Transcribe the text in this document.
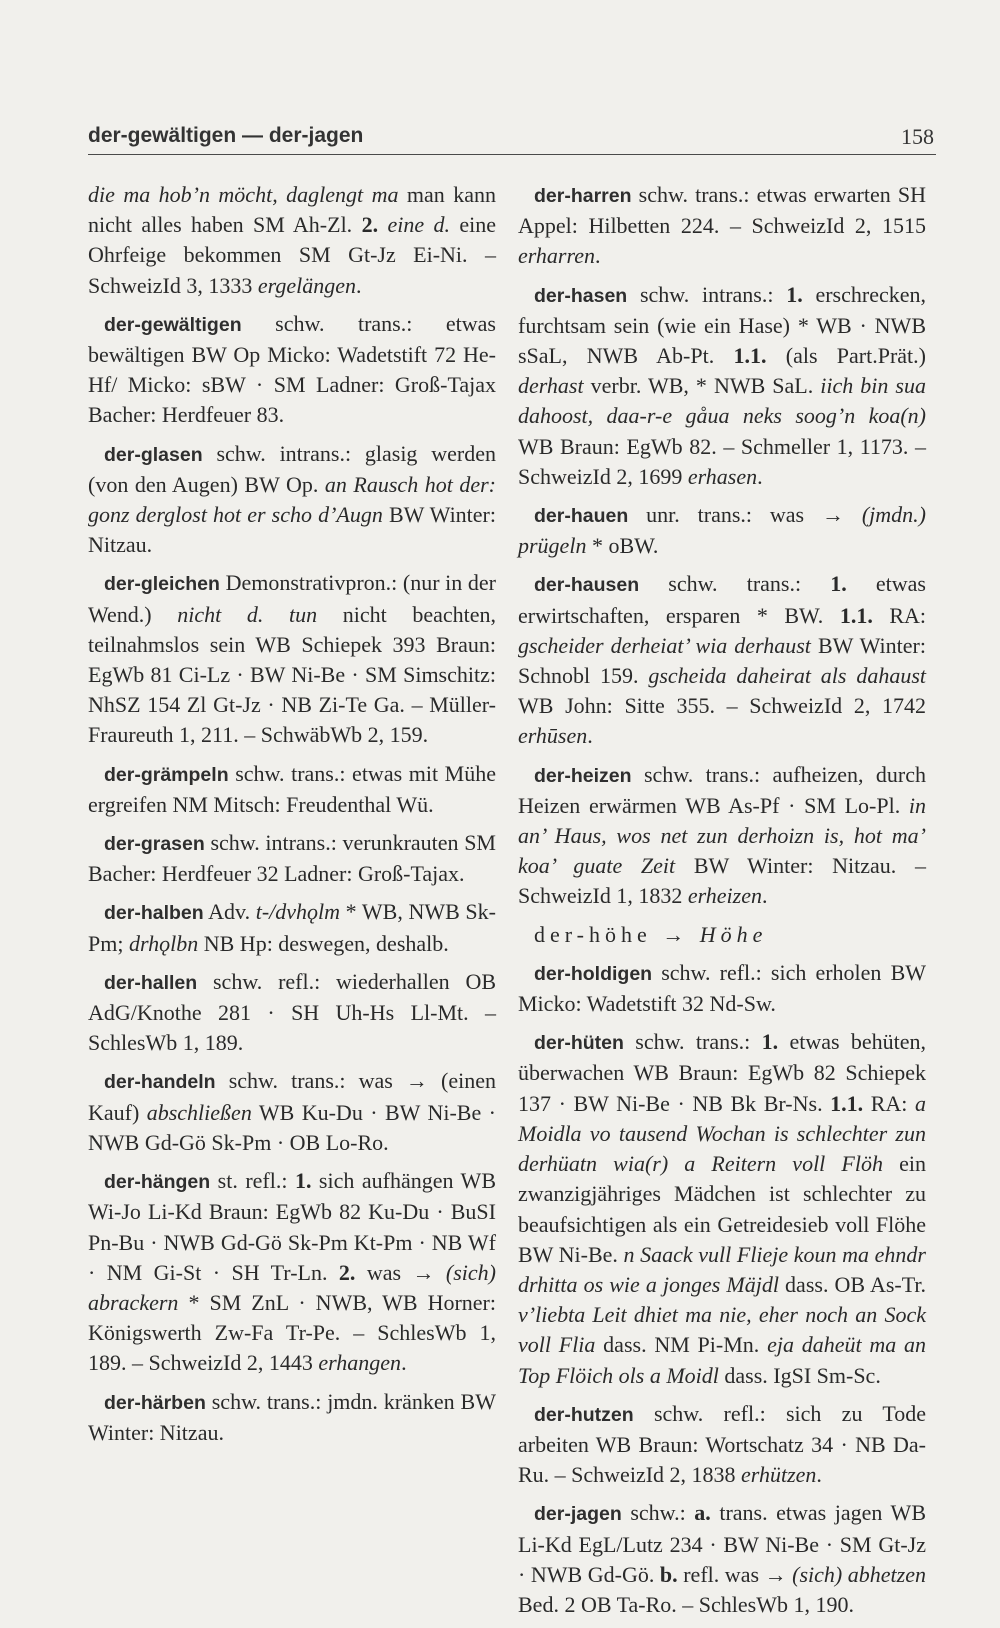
der-gewältigen — der-jagen	158

die ma hob’n möcht, daglengt ma man kann nicht alles haben SM Ah-Zl. 2. eine d. eine Ohrfeige bekommen SM Gt-Jz Ei-Ni. – SchweizId 3, 1333 ergelängen.

der-gewältigen schw. trans.: etwas bewältigen BW Op Micko: Wadetstift 72 He-Hf/ Micko: sBW · SM Ladner: Groß-Tajax Bacher: Herdfeuer 83.

der-glasen schw. intrans.: glasig werden (von den Augen) BW Op. an Rausch hot der: gonz derglost hot er scho d’Augn BW Winter: Nitzau.

der-gleichen Demonstrativpron.: (nur in der Wend.) nicht d. tun nicht beachten, teilnahmslos sein WB Schiepek 393 Braun: EgWb 81 Ci-Lz · BW Ni-Be · SM Simschitz: NhSZ 154 Zl Gt-Jz · NB Zi-Te Ga. – Müller-Fraureuth 1, 211. – SchwäbWb 2, 159.

der-grämpeln schw. trans.: etwas mit Mühe ergreifen NM Mitsch: Freudenthal Wü.

der-grasen schw. intrans.: verunkrauten SM Bacher: Herdfeuer 32 Ladner: Groß-Tajax.

der-halben Adv. t-/dvhǫlm * WB, NWB Sk-Pm; drhǫlbn NB Hp: deswegen, deshalb.

der-hallen schw. refl.: wiederhallen OB AdG/Knothe 281 · SH Uh-Hs Ll-Mt. – SchlesWb 1, 189.

der-handeln schw. trans.: was → (einen Kauf) abschließen WB Ku-Du · BW Ni-Be · NWB Gd-Gö Sk-Pm · OB Lo-Ro.

der-hängen st. refl.: 1. sich aufhängen WB Wi-Jo Li-Kd Braun: EgWb 82 Ku-Du · BuSI Pn-Bu · NWB Gd-Gö Sk-Pm Kt-Pm · NB Wf · NM Gi-St · SH Tr-Ln. 2. was → (sich) abrackern * SM ZnL · NWB, WB Horner: Königswerth Zw-Fa Tr-Pe. – SchlesWb 1, 189. – SchweizId 2, 1443 erhangen.

der-härben schw. trans.: jmdn. kränken BW Winter: Nitzau.

der-harren schw. trans.: etwas erwarten SH Appel: Hilbetten 224. – SchweizId 2, 1515 erharren.

der-hasen schw. intrans.: 1. erschrecken, furchtsam sein (wie ein Hase) * WB · NWB sSaL, NWB Ab-Pt. 1.1. (als Part.Prät.) derhast verbr. WB, * NWB SaL. iich bin sua dahoost, daa-r-e gåua neks soog’n koa(n) WB Braun: EgWb 82. – Schmeller 1, 1173. – SchweizId 2, 1699 erhasen.

der-hauen unr. trans.: was → (jmdn.) prügeln * oBW.

der-hausen schw. trans.: 1. etwas erwirtschaften, ersparen * BW. 1.1. RA: gscheider derheiat’ wia derhaust BW Winter: Schnobl 159. gscheida daheirat als dahaust WB John: Sitte 355. – SchweizId 2, 1742 erhūsen.

der-heizen schw. trans.: aufheizen, durch Heizen erwärmen WB As-Pf · SM Lo-Pl. in an’ Haus, wos net zun derhoizn is, hot ma’ koa’ guate Zeit BW Winter: Nitzau. – SchweizId 1, 1832 erheizen.

der-höhe → Höhe

der-holdigen schw. refl.: sich erholen BW Micko: Wadetstift 32 Nd-Sw.

der-hüten schw. trans.: 1. etwas behüten, überwachen WB Braun: EgWb 82 Schiepek 137 · BW Ni-Be · NB Bk Br-Ns. 1.1. RA: a Moidla vo tausend Wochan is schlechter zun derhüatn wia(r) a Reitern voll Flöh ein zwanzigjähriges Mädchen ist schlechter zu beaufsichtigen als ein Getreidesieb voll Flöhe BW Ni-Be. n Saack vull Flieje koun ma ehndr drhitta os wie a jonges Mäjdl dass. OB As-Tr. v’liebta Leit dhiet ma nie, eher noch an Sock voll Flia dass. NM Pi-Mn. eja daheüt ma an Top Flöich ols a Moidl dass. IgSI Sm-Sc.

der-hutzen schw. refl.: sich zu Tode arbeiten WB Braun: Wortschatz 34 · NB Da-Ru. – SchweizId 2, 1838 erhützen.

der-jagen schw.: a. trans. etwas jagen WB Li-Kd EgL/Lutz 234 · BW Ni-Be · SM Gt-Jz · NWB Gd-Gö. b. refl. was → (sich) abhetzen Bed. 2 OB Ta-Ro. – SchlesWb 1, 190.
